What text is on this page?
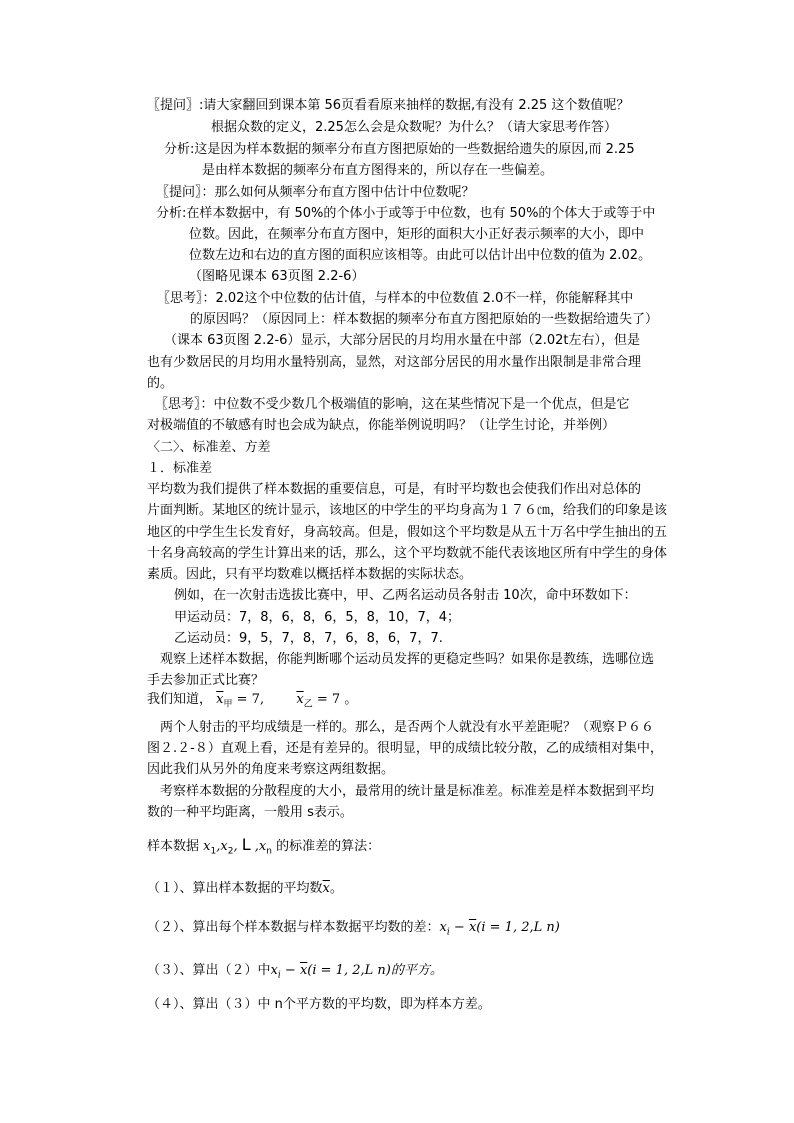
〖提问〗:请大家翻回到课本第 56页看看原来抽样的数据,有没有 2.25 这个数值呢？
根据众数的定义，2.25怎么会是众数呢？为什么？（请大家思考作答）
分析:这是因为样本数据的频率分布直方图把原始的一些数据给遗失的原因,而 2.25
是由样本数据的频率分布直方图得来的，所以存在一些偏差。
〖提问〗：那么如何从频率分布直方图中估计中位数呢？
分析:在样本数据中，有 50%的个体小于或等于中位数，也有 50%的个体大于或等于中
位数。因此，在频率分布直方图中，矩形的面积大小正好表示频率的大小，即中
位数左边和右边的直方图的面积应该相等。由此可以估计出中位数的值为 2.02。
（图略见课本 63页图 2.2-6）
〖思考〗：2.02这个中位数的估计值，与样本的中位数值 2.0不一样，你能解释其中
的原因吗？（原因同上：样本数据的频率分布直方图把原始的一些数据给遗失了）
（课本 63页图 2.2-6）显示，大部分居民的月均用水量在中部（2.02t左右），但是
也有少数居民的月均用水量特别高，显然，对这部分居民的用水量作出限制是非常合理
的。
〖思考〗：中位数不受少数几个极端值的影响，这在某些情况下是一个优点，但是它
对极端值的不敏感有时也会成为缺点，你能举例说明吗？（让学生讨论，并举例）
〈二〉、标准差、方差
１．标准差
平均数为我们提供了样本数据的重要信息，可是，有时平均数也会使我们作出对总体的
片面判断。某地区的统计显示，该地区的中学生的平均身高为１７６㎝，给我们的印象是该
地区的中学生生长发育好，身高较高。但是，假如这个平均数是从五十万名中学生抽出的五
十名身高较高的学生计算出来的话，那么，这个平均数就不能代表该地区所有中学生的身体
素质。因此，只有平均数难以概括样本数据的实际状态。
例如，在一次射击选拔比赛中，甲、乙两名运动员各射击 10次，命中环数如下：
甲运动员：7，8，6，8，6，5，8，10，7，4；
乙运动员：9，5，7，8，7，6，8，6，7，7.
观察上述样本数据，你能判断哪个运动员发挥的更稳定些吗？如果你是教练，选哪位选
手去参加正式比赛？
我们知道， $\overline{x}_甲 = 7$, $\overline{x}_乙 = 7$ 。
两个人射击的平均成绩是一样的。那么，是否两个人就没有水平差距呢？（观察Ｐ６６
图２.２-８）直观上看，还是有差异的。很明显，甲的成绩比较分散，乙的成绩相对集中，
因此我们从另外的角度来考察这两组数据。
考察样本数据的分散程度的大小，最常用的统计量是标准差。标准差是样本数据到平均
数的一种平均距离，一般用 s表示。
样本数据 $x_1,x_2$, L $,x_n$ 的标准差的算法：
（１）、算出样本数据的平均数$\overline{x}$。
（２）、算出每个样本数据与样本数据平均数的差：$x_i - \overline{x}(i = 1$, 2,L n)
（３）、算出（２）中$x_i - \overline{x}(i = 1$, 2,L n)的平方。
（４）、算出（３）中 n个平方数的平均数，即为样本方差。
